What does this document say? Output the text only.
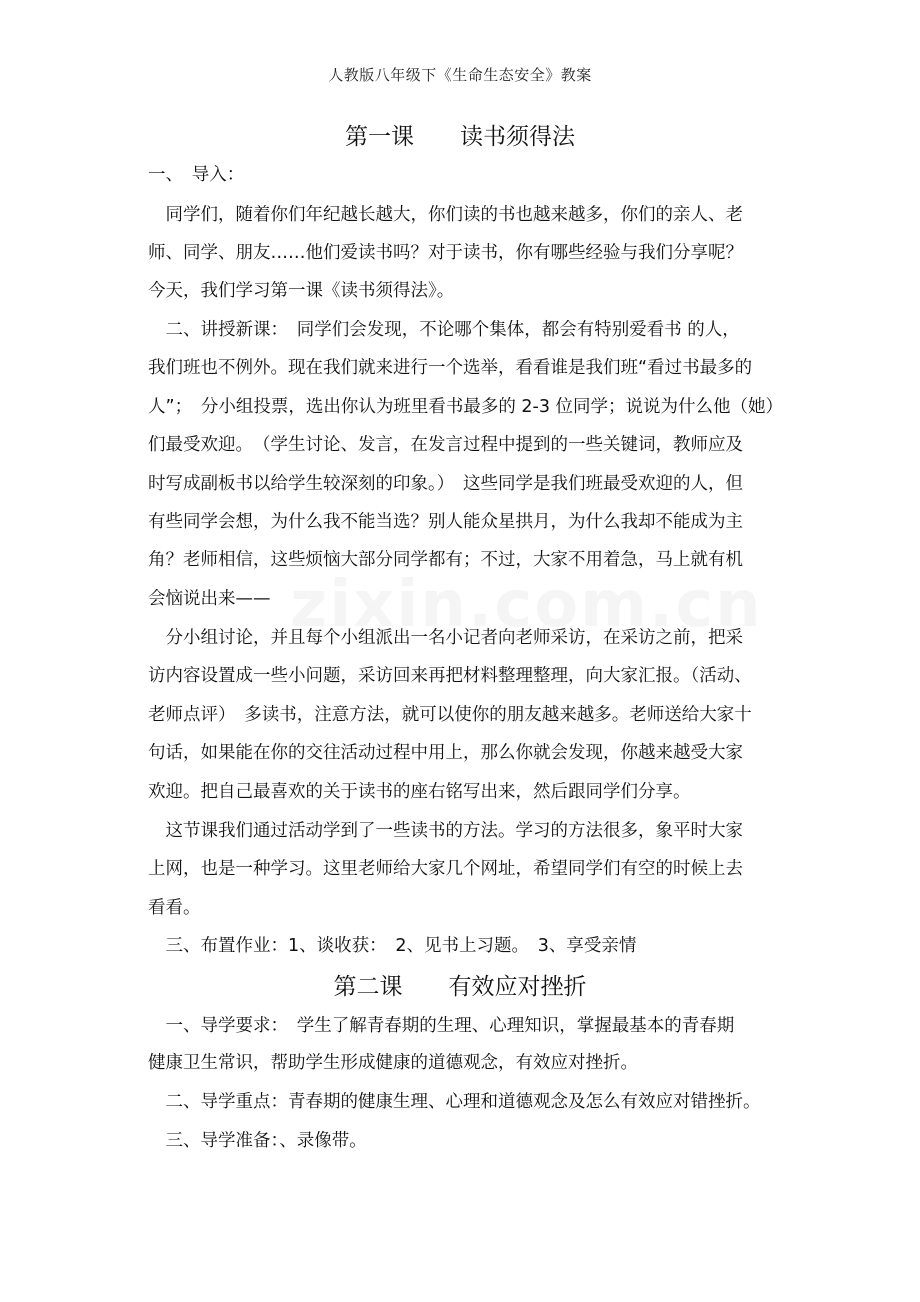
人教版八年级下《生命生态安全》教案
第一课　　读书须得法
一、　导入：
　同学们，随着你们年纪越长越大，你们读的书也越来越多，你们的亲人、老
师、同学、朋友……他们爱读书吗？对于读书，你有哪些经验与我们分享呢？
今天，我们学习第一课《读书须得法》。
　二、讲授新课：　同学们会发现，不论哪个集体，都会有特别爱看书 的人，
我们班也不例外。现在我们就来进行一个选举，看看谁是我们班“看过书最多的
人”；　分小组投票，选出你认为班里看书最多的 2-3 位同学；说说为什么他（她）
们最受欢迎。　（学生讨论、发言，在发言过程中提到的一些关键词，教师应及
时写成副板书以给学生较深刻的印象。）　这些同学是我们班最受欢迎的人，但
有些同学会想，为什么我不能当选？别人能众星拱月，为什么我却不能成为主
角？老师相信，这些烦恼大部分同学都有；不过，大家不用着急，马上就有机
会恼说出来——
　分小组讨论，并且每个小组派出一名小记者向老师采访，在采访之前，把采
访内容设置成一些小问题，采访回来再把材料整理整理，向大家汇报。（活动、
老师点评）　多读书，注意方法，就可以使你的朋友越来越多。老师送给大家十
句话，如果能在你的交往活动过程中用上，那么你就会发现，你越来越受大家
欢迎。把自己最喜欢的关于读书的座右铭写出来，然后跟同学们分享。
　这节课我们通过活动学到了一些读书的方法。学习的方法很多，象平时大家
上网，也是一种学习。这里老师给大家几个网址，希望同学们有空的时候上去
看看。
　三、布置作业：1、谈收获：　2、见书上习题。　3、享受亲情
第二课　　有效应对挫折
　一、导学要求：　学生了解青春期的生理、心理知识，掌握最基本的青春期
健康卫生常识，帮助学生形成健康的道德观念，有效应对挫折。
　二、导学重点：青春期的健康生理、心理和道德观念及怎么有效应对错挫折。
　三、导学准备：、录像带。
